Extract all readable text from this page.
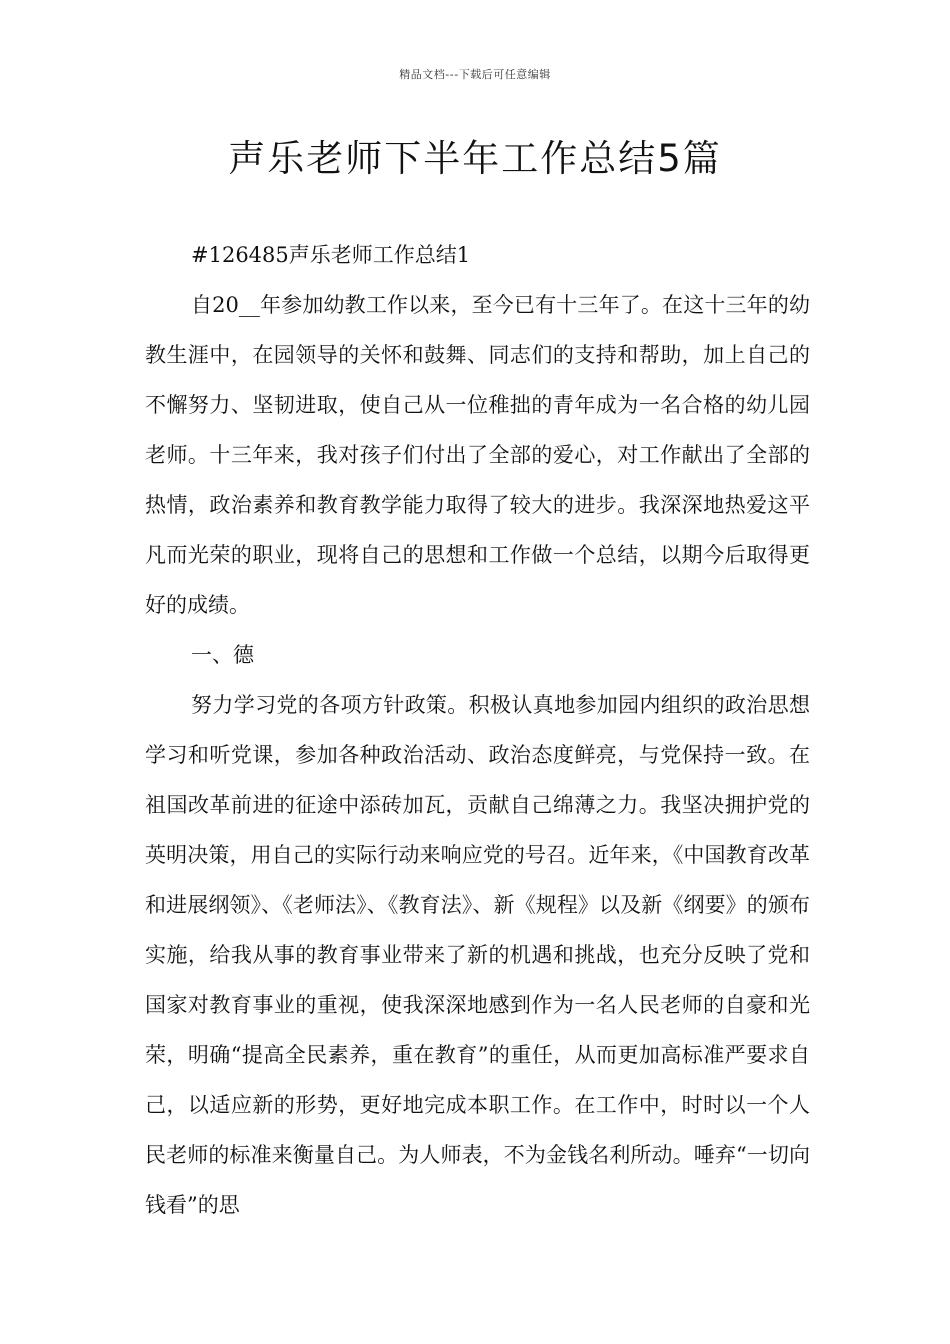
精品文档---下载后可任意编辑
声乐老师下半年工作总结5篇

#126485声乐老师工作总结1

自20__年参加幼教工作以来，至今已有十三年了。在这十三年的幼教生涯中，在园领导的关怀和鼓舞、同志们的支持和帮助，加上自己的不懈努力、坚韧进取，使自己从一位稚拙的青年成为一名合格的幼儿园老师。十三年来，我对孩子们付出了全部的爱心，对工作献出了全部的热情，政治素养和教育教学能力取得了较大的进步。我深深地热爱这平凡而光荣的职业，现将自己的思想和工作做一个总结，以期今后取得更好的成绩。

一、德

努力学习党的各项方针政策。积极认真地参加园内组织的政治思想学习和听党课，参加各种政治活动、政治态度鲜亮，与党保持一致。在祖国改革前进的征途中添砖加瓦，贡献自己绵薄之力。我坚决拥护党的英明决策，用自己的实际行动来响应党的号召。近年来，《中国教育改革和进展纲领》、《老师法》、《教育法》、新《规程》以及新《纲要》的颁布实施，给我从事的教育事业带来了新的机遇和挑战，也充分反映了党和国家对教育事业的重视，使我深深地感到作为一名人民老师的自豪和光荣，明确“提高全民素养，重在教育”的重任，从而更加高标准严要求自己，以适应新的形势，更好地完成本职工作。在工作中，时时以一个人民老师的标准来衡量自己。为人师表，不为金钱名利所动。唾弃“一切向钱看”的思
